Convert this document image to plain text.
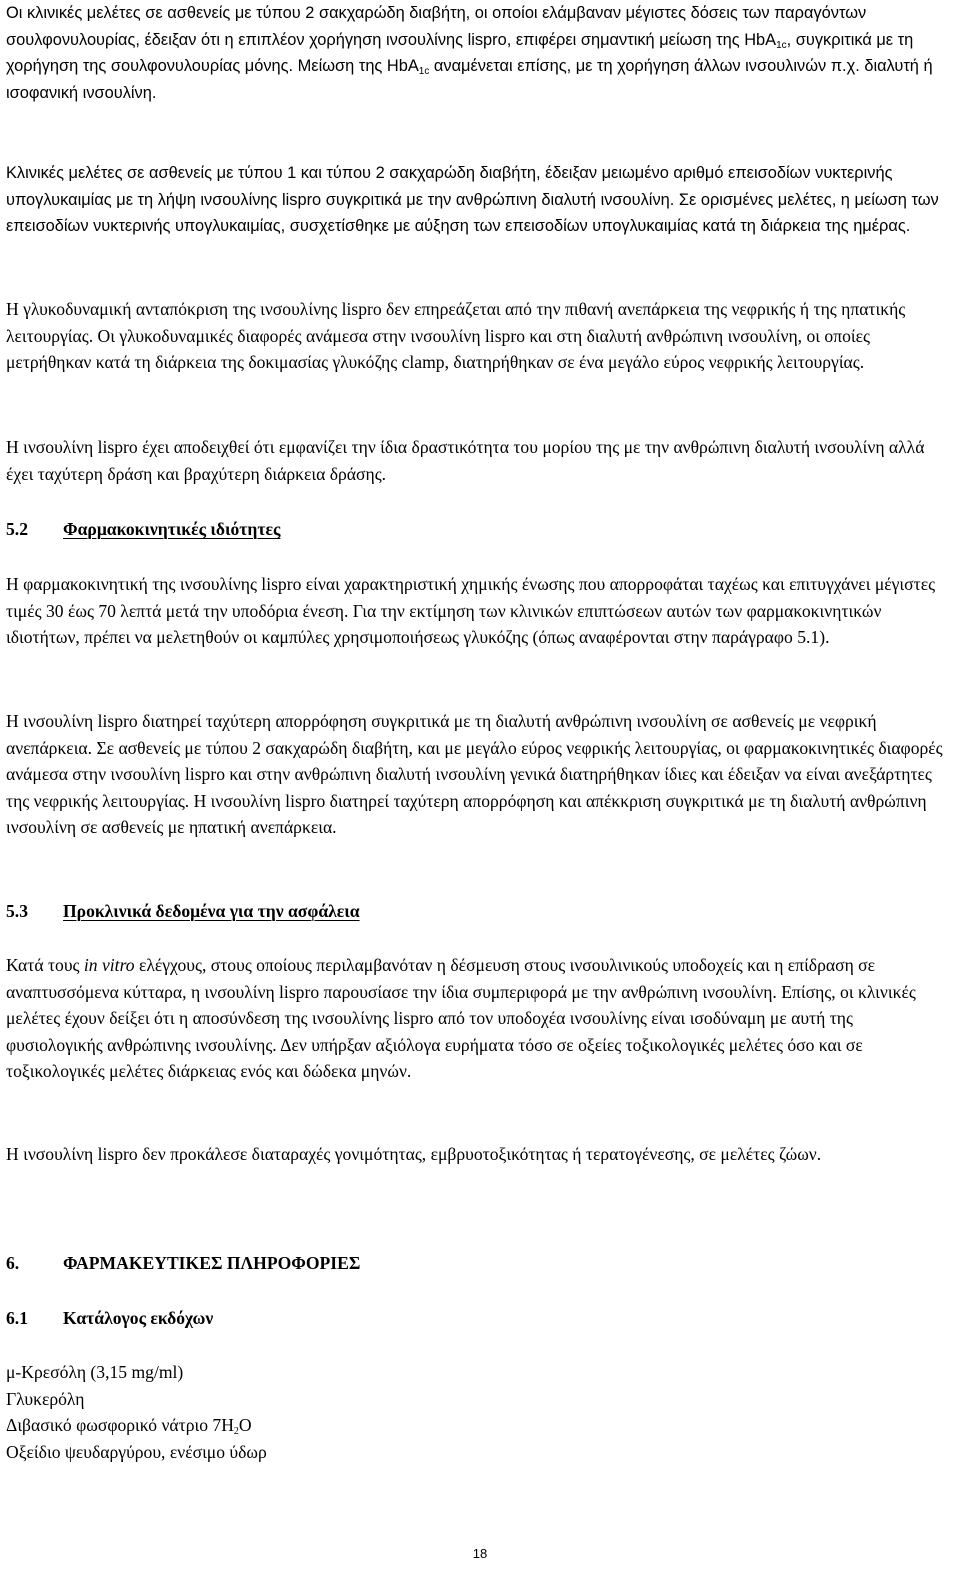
Οι κλινικές μελέτες σε ασθενείς με τύπου 2 σακχαρώδη διαβήτη, οι οποίοι ελάμβαναν μέγιστες δόσεις των παραγόντων σουλφονυλουρίας, έδειξαν ότι η επιπλέον χορήγηση ινσουλίνης lispro, επιφέρει σημαντική μείωση της HbA$_{1c}$, συγκριτικά με τη χορήγηση της σουλφονυλουρίας μόνης. Μείωση της HbA$_{1c}$ αναμένεται επίσης, με τη χορήγηση άλλων ινσουλινών π.χ. διαλυτή ή ισοφανική ινσουλίνη.

Κλινικές μελέτες σε ασθενείς με τύπου 1 και τύπου 2 σακχαρώδη διαβήτη, έδειξαν μειωμένο αριθμό επεισοδίων νυκτερινής υπογλυκαιμίας με τη λήψη ινσουλίνης lispro συγκριτικά με την ανθρώπινη διαλυτή ινσουλίνη. Σε ορισμένες μελέτες, η μείωση των επεισοδίων νυκτερινής υπογλυκαιμίας, συσχετίσθηκε με αύξηση των επεισοδίων υπογλυκαιμίας κατά τη διάρκεια της ημέρας.

Η γλυκοδυναμική ανταπόκριση της ινσουλίνης lispro δεν επηρεάζεται από την πιθανή ανεπάρκεια της νεφρικής ή της ηπατικής λειτουργίας. Οι γλυκοδυναμικές διαφορές ανάμεσα στην ινσουλίνη lispro και στη διαλυτή ανθρώπινη ινσουλίνη, οι οποίες μετρήθηκαν κατά τη διάρκεια της δοκιμασίας γλυκόζης clamp, διατηρήθηκαν σε ένα μεγάλο εύρος νεφρικής λειτουργίας.

Η ινσουλίνη lispro έχει αποδειχθεί ότι εμφανίζει την ίδια δραστικότητα του μορίου της με την ανθρώπινη διαλυτή ινσουλίνη αλλά έχει ταχύτερη δράση και βραχύτερη διάρκεια δράσης.

5.2 Φαρμακοκινητικές ιδιότητες

Η φαρμακοκινητική της ινσουλίνης lispro είναι χαρακτηριστική χημικής ένωσης που απορροφάται ταχέως και επιτυγχάνει μέγιστες τιμές 30 έως 70 λεπτά μετά την υποδόρια ένεση. Για την εκτίμηση των κλινικών επιπτώσεων αυτών των φαρμακοκινητικών ιδιοτήτων, πρέπει να μελετηθούν οι καμπύλες χρησιμοποιήσεως γλυκόζης (όπως αναφέρονται στην παράγραφο 5.1).

Η ινσουλίνη lispro διατηρεί ταχύτερη απορρόφηση συγκριτικά με τη διαλυτή ανθρώπινη ινσουλίνη σε ασθενείς με νεφρική ανεπάρκεια. Σε ασθενείς με τύπου 2 σακχαρώδη διαβήτη, και με μεγάλο εύρος νεφρικής λειτουργίας, οι φαρμακοκινητικές διαφορές ανάμεσα στην ινσουλίνη lispro και στην ανθρώπινη διαλυτή ινσουλίνη γενικά διατηρήθηκαν ίδιες και έδειξαν να είναι ανεξάρτητες της νεφρικής λειτουργίας. Η ινσουλίνη lispro διατηρεί ταχύτερη απορρόφηση και απέκκριση συγκριτικά με τη διαλυτή ανθρώπινη ινσουλίνη σε ασθενείς με ηπατική ανεπάρκεια.

5.3 Προκλινικά δεδομένα για την ασφάλεια

Κατά τους in vitro ελέγχους, στους οποίους περιλαμβανόταν η δέσμευση στους ινσουλινικούς υποδοχείς και η επίδραση σε αναπτυσσόμενα κύτταρα, η ινσουλίνη lispro παρουσίασε την ίδια συμπεριφορά με την ανθρώπινη ινσουλίνη. Επίσης, οι κλινικές μελέτες έχουν δείξει ότι η αποσύνδεση της ινσουλίνης lispro από τον υποδοχέα ινσουλίνης είναι ισοδύναμη με αυτή της φυσιολογικής ανθρώπινης ινσουλίνης. Δεν υπήρξαν αξιόλογα ευρήματα τόσο σε οξείες τοξικολογικές μελέτες όσο και σε τοξικολογικές μελέτες διάρκειας ενός και δώδεκα μηνών.

Η ινσουλίνη lispro δεν προκάλεσε διαταραχές γονιμότητας, εμβρυοτοξικότητας ή τερατογένεσης, σε μελέτες ζώων.

6. ΦΑΡΜΑΚΕΥΤΙΚΕΣ ΠΛΗΡΟΦΟΡΙΕΣ
6.1 Κατάλογος εκδόχων

μ-Κρεσόλη (3,15 mg/ml)

Γλυκερόλη

Διβασικό φωσφορικό νάτριο $7H_2O$

Οξείδιο ψευδαργύρου, ενέσιμο ύδωρ

18
